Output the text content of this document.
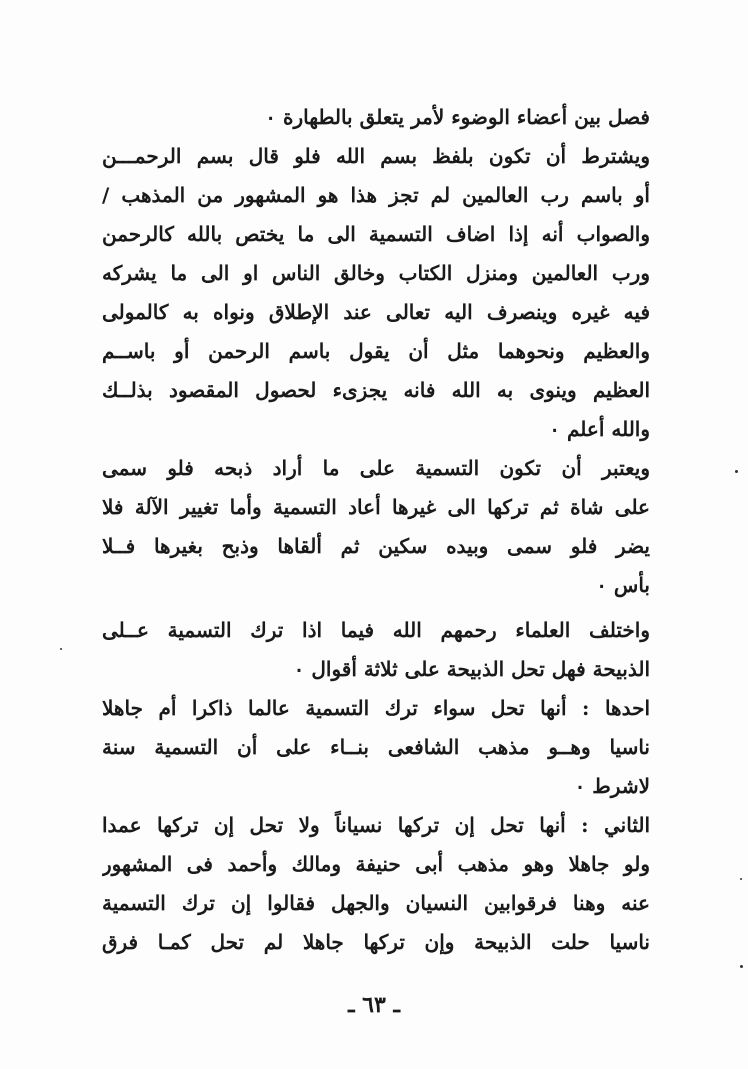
فصل بين أعضاء الوضوء لأمر يتعلق بالطهارة ٠
ويشترط أن تكون بلفظ بسم الله فلو قال بسم الرحمـــن
أو باسم رب العالمين لم تجز هذا هو المشهور من المذهب /
والصواب أنه إذا اضاف التسمية الى ما يختص بالله كالرحمن
ورب العالمين ومنزل الكتاب وخالق الناس او الى ما يشركه
فيه غيره وينصرف اليه تعالى عند الإطلاق ونواه به كالمولى
والعظيم ونحوهما مثل أن يقول باسم الرحمن أو باســم
العظيم وينوى به الله فانه يجزىء لحصول المقصود بذلــك
والله أعلم ٠
ويعتبر أن تكون التسمية على ما أراد ذبحه فلو سمى
على شاة ثم تركها الى غيرها أعاد التسمية وأما تغيير الآلة فلا
يضر فلو سمى وبيده سكين ثم ألقاها وذبح بغيرها فــلا
بأس ٠
واختلف العلماء رحمهم الله فيما اذا ترك التسمية عــلى
الذبيحة فهل تحل الذبيحة على ثلاثة أقوال ٠
احدها : أنها تحل سواء ترك التسمية عالما ذاكرا أم جاهلا
ناسيا وهــو مذهب الشافعى بنــاء على أن التسمية سنة
لاشرط ٠
الثاني : أنها تحل إن تركها نسياناً ولا تحل إن تركها عمدا
ولو جاهلا وهو مذهب أبى حنيفة ومالك وأحمد فى المشهور
عنه وهنا فرقوابين النسيان والجهل فقالوا إن ترك التسمية
ناسيا حلت الذبيحة وإن تركها جاهلا لم تحل كمـا فرق
ـ ٦٣ ـ
